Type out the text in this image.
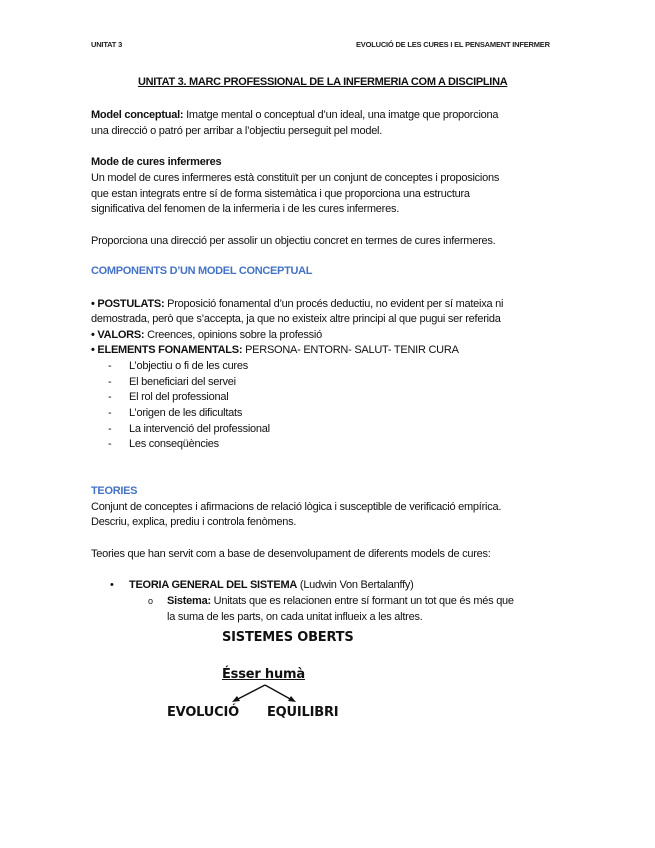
UNITAT 3	EVOLUCIÓ DE LES CURES I EL PENSAMENT INFERMER
UNITAT 3. MARC PROFESSIONAL DE LA INFERMERIA COM A DISCIPLINA
Model conceptual: Imatge mental o conceptual d’un ideal, una imatge que proporciona
una direcció o patró per arribar a l’objectiu perseguit pel model.
Mode de cures infermeres
Un model de cures infermeres està constituït per un conjunt de conceptes i proposicions
que estan integrats entre sí de forma sistemàtica i que proporciona una estructura
significativa del fenomen de la infermeria i de les cures infermeres.
Proporciona una direcció per assolir un objectiu concret en termes de cures infermeres.
COMPONENTS D’UN MODEL CONCEPTUAL
• POSTULATS: Proposició fonamental d’un procés deductiu, no evident per sí mateixa ni
demostrada, però que s’accepta, ja que no existeix altre principi al que pugui ser referida
• VALORS: Creences, opinions sobre la professió
• ELEMENTS FONAMENTALS: PERSONA- ENTORN- SALUT- TENIR CURA
- L’objectiu o fi de les cures
- El beneficiari del servei
- El rol del professional
- L’origen de les dificultats
- La intervenció del professional
- Les conseqüències
TEORIES
Conjunt de conceptes i afirmacions de relació lògica i susceptible de verificació empírica.
Descriu, explica, prediu i controla fenòmens.
Teories que han servit com a base de desenvolupament de diferents models de cures:
• TEORIA GENERAL DEL SISTEMA (Ludwin Von Bertalanffy)
o Sistema: Unitats que es relacionen entre sí formant un tot que és més que
la suma de les parts, on cada unitat influeix a les altres.
SISTEMES OBERTS
Ésser humà
EVOLUCIÓ EQUILIBRI
